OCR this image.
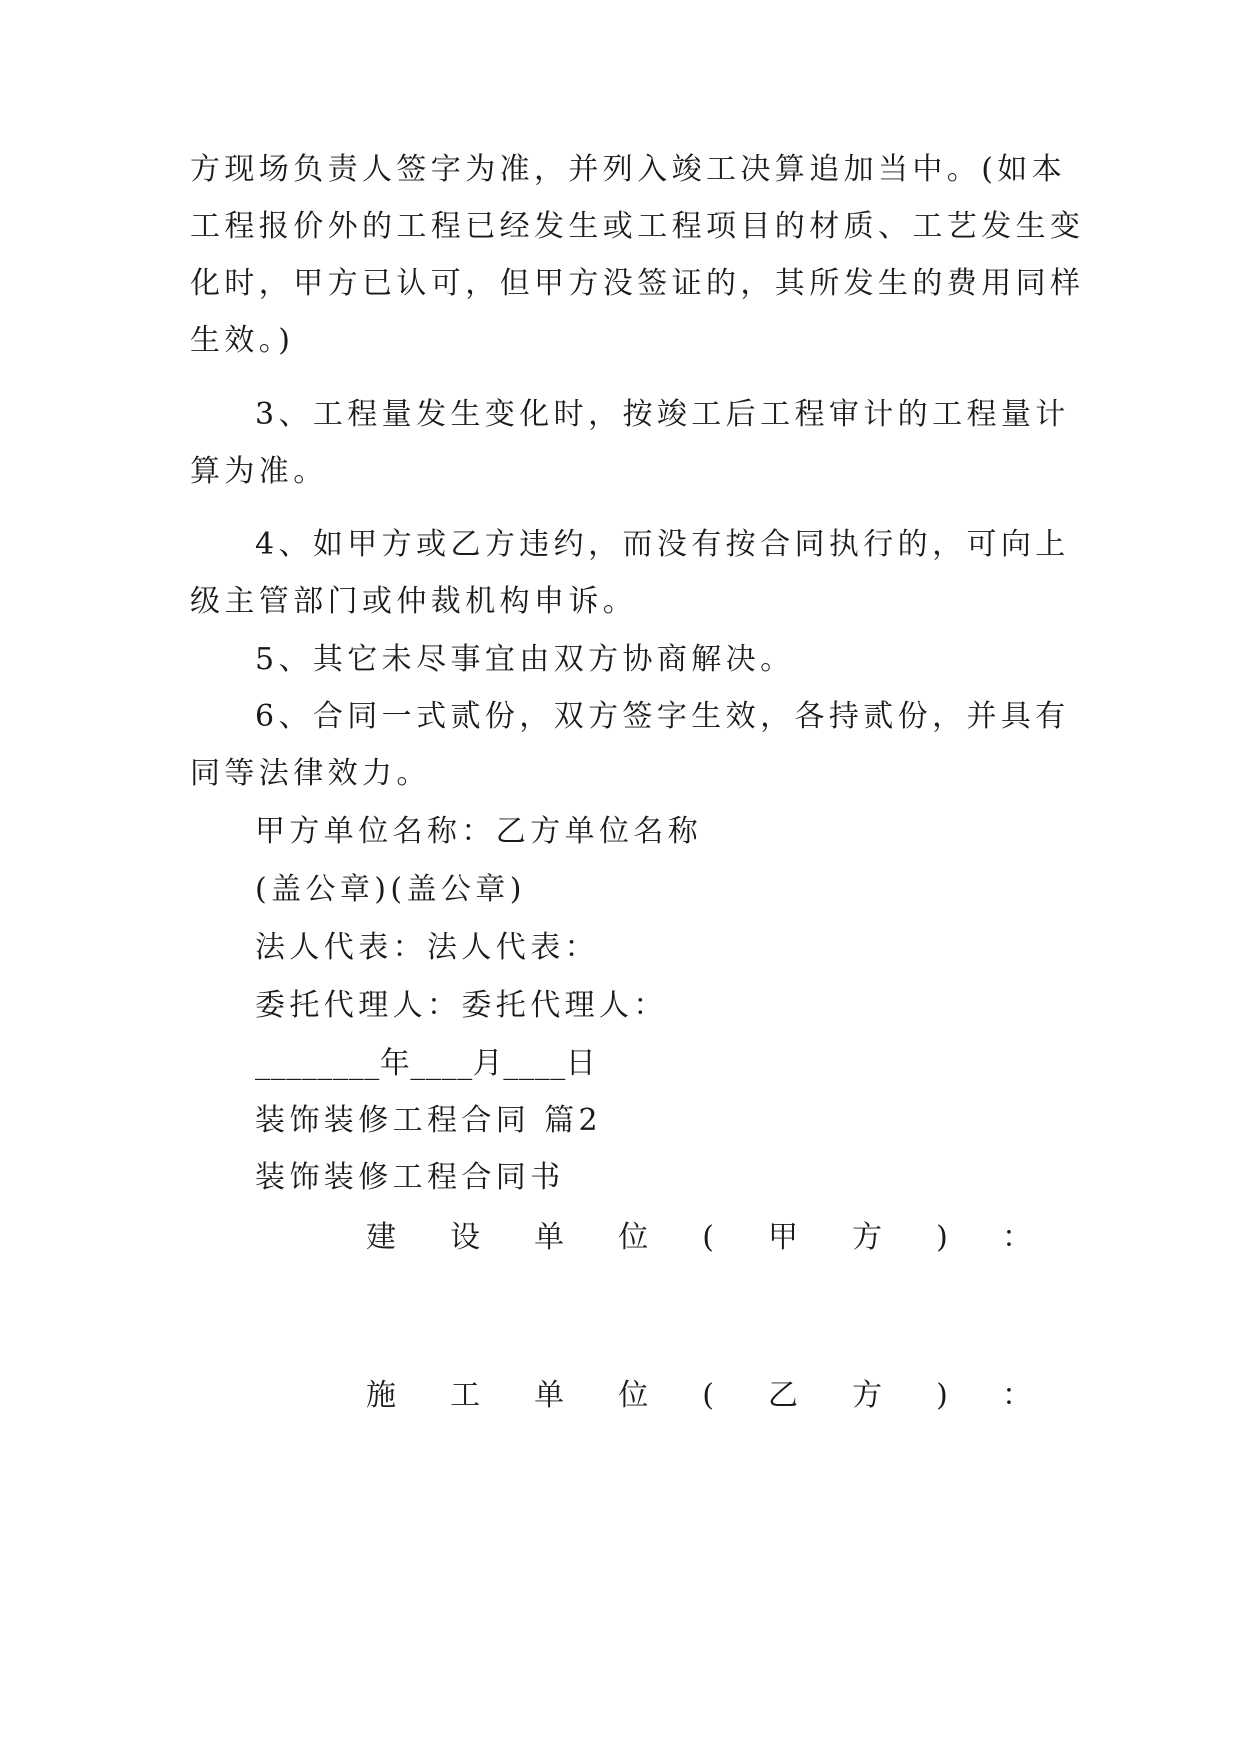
方现场负责人签字为准，并列入竣工决算追加当中。(如本
工程报价外的工程已经发生或工程项目的材质、工艺发生变
化时，甲方已认可，但甲方没签证的，其所发生的费用同样
生效。)
3、工程量发生变化时，按竣工后工程审计的工程量计
算为准。
4、如甲方或乙方违约，而没有按合同执行的，可向上
级主管部门或仲裁机构申诉。
5、其它未尽事宜由双方协商解决。
6、合同一式贰份，双方签字生效，各持贰份，并具有
同等法律效力。
甲方单位名称：乙方单位名称
(盖公章)(盖公章)
法人代表：法人代表：
委托代理人：委托代理人：
________年____月____日
装饰装修工程合同 篇2
装饰装修工程合同书
建 设 单 位 ( 甲 方 ) ：
施 工 单 位 ( 乙 方 ) ：
